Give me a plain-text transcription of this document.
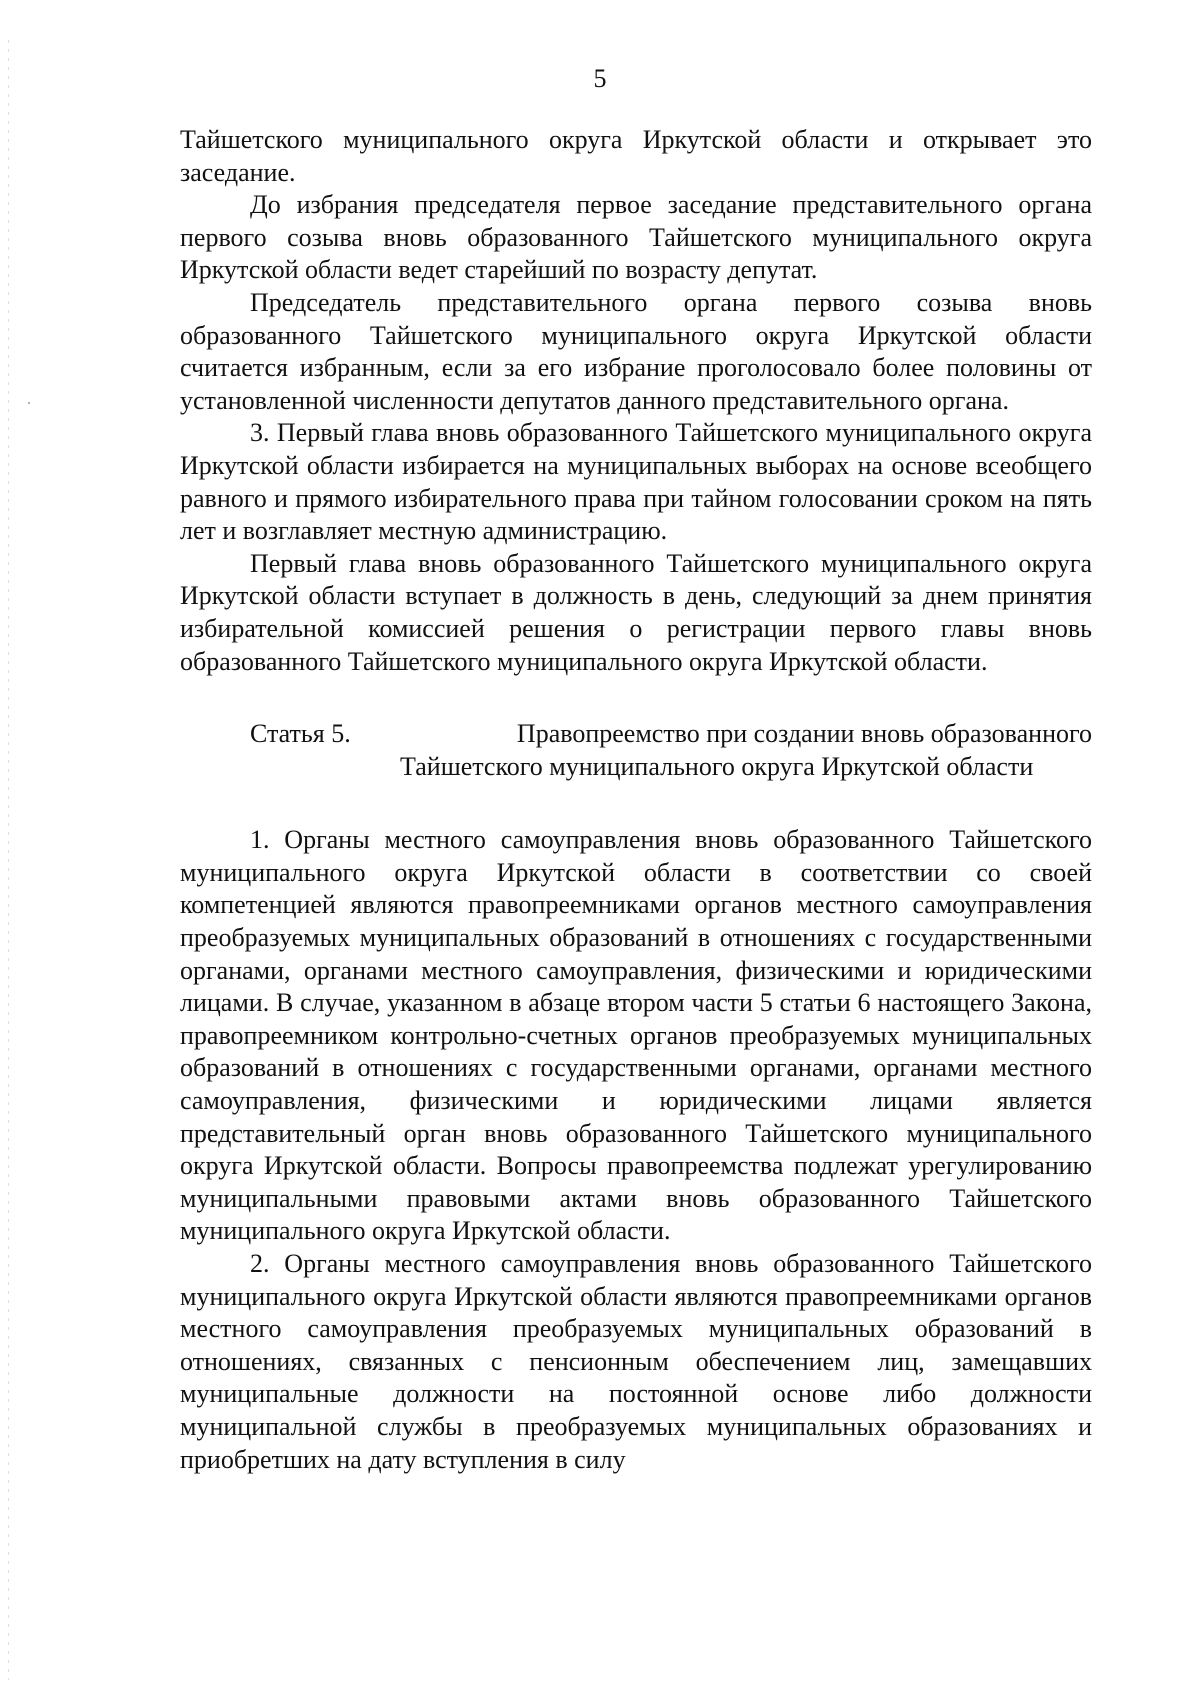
5

Тайшетского муниципального округа Иркутской области и открывает это заседание.

До избрания председателя первое заседание представительного органа первого созыва вновь образованного Тайшетского муниципального округа Иркутской области ведет старейший по возрасту депутат.

Председатель представительного органа первого созыва вновь образованного Тайшетского муниципального округа Иркутской области считается избранным, если за его избрание проголосовало более половины от установленной численности депутатов данного представительного органа.

3. Первый глава вновь образованного Тайшетского муниципального округа Иркутской области избирается на муниципальных выборах на основе всеобщего равного и прямого избирательного права при тайном голосовании сроком на пять лет и возглавляет местную администрацию.

Первый глава вновь образованного Тайшетского муниципального округа Иркутской области вступает в должность в день, следующий за днем принятия избирательной комиссией решения о регистрации первого главы вновь образованного Тайшетского муниципального округа Иркутской области.

Статья 5.	Правопреемство при создании вновь образованного
Тайшетского муниципального округа Иркутской области

1. Органы местного самоуправления вновь образованного Тайшетского муниципального округа Иркутской области в соответствии со своей компетенцией являются правопреемниками органов местного самоуправления преобразуемых муниципальных образований в отношениях с государственными органами, органами местного самоуправления, физическими и юридическими лицами. В случае, указанном в абзаце втором части 5 статьи 6 настоящего Закона, правопреемником контрольно-счетных органов преобразуемых муниципальных образований в отношениях с государственными органами, органами местного самоуправления, физическими и юридическими лицами является представительный орган вновь образованного Тайшетского муниципального округа Иркутской области. Вопросы правопреемства подлежат урегулированию муниципальными правовыми актами вновь образованного Тайшетского муниципального округа Иркутской области.

2. Органы местного самоуправления вновь образованного Тайшетского муниципального округа Иркутской области являются правопреемниками органов местного самоуправления преобразуемых муниципальных образований в отношениях, связанных с пенсионным обеспечением лиц, замещавших муниципальные должности на постоянной основе либо должности муниципальной службы в преобразуемых муниципальных образованиях и приобретших на дату вступления в силу
